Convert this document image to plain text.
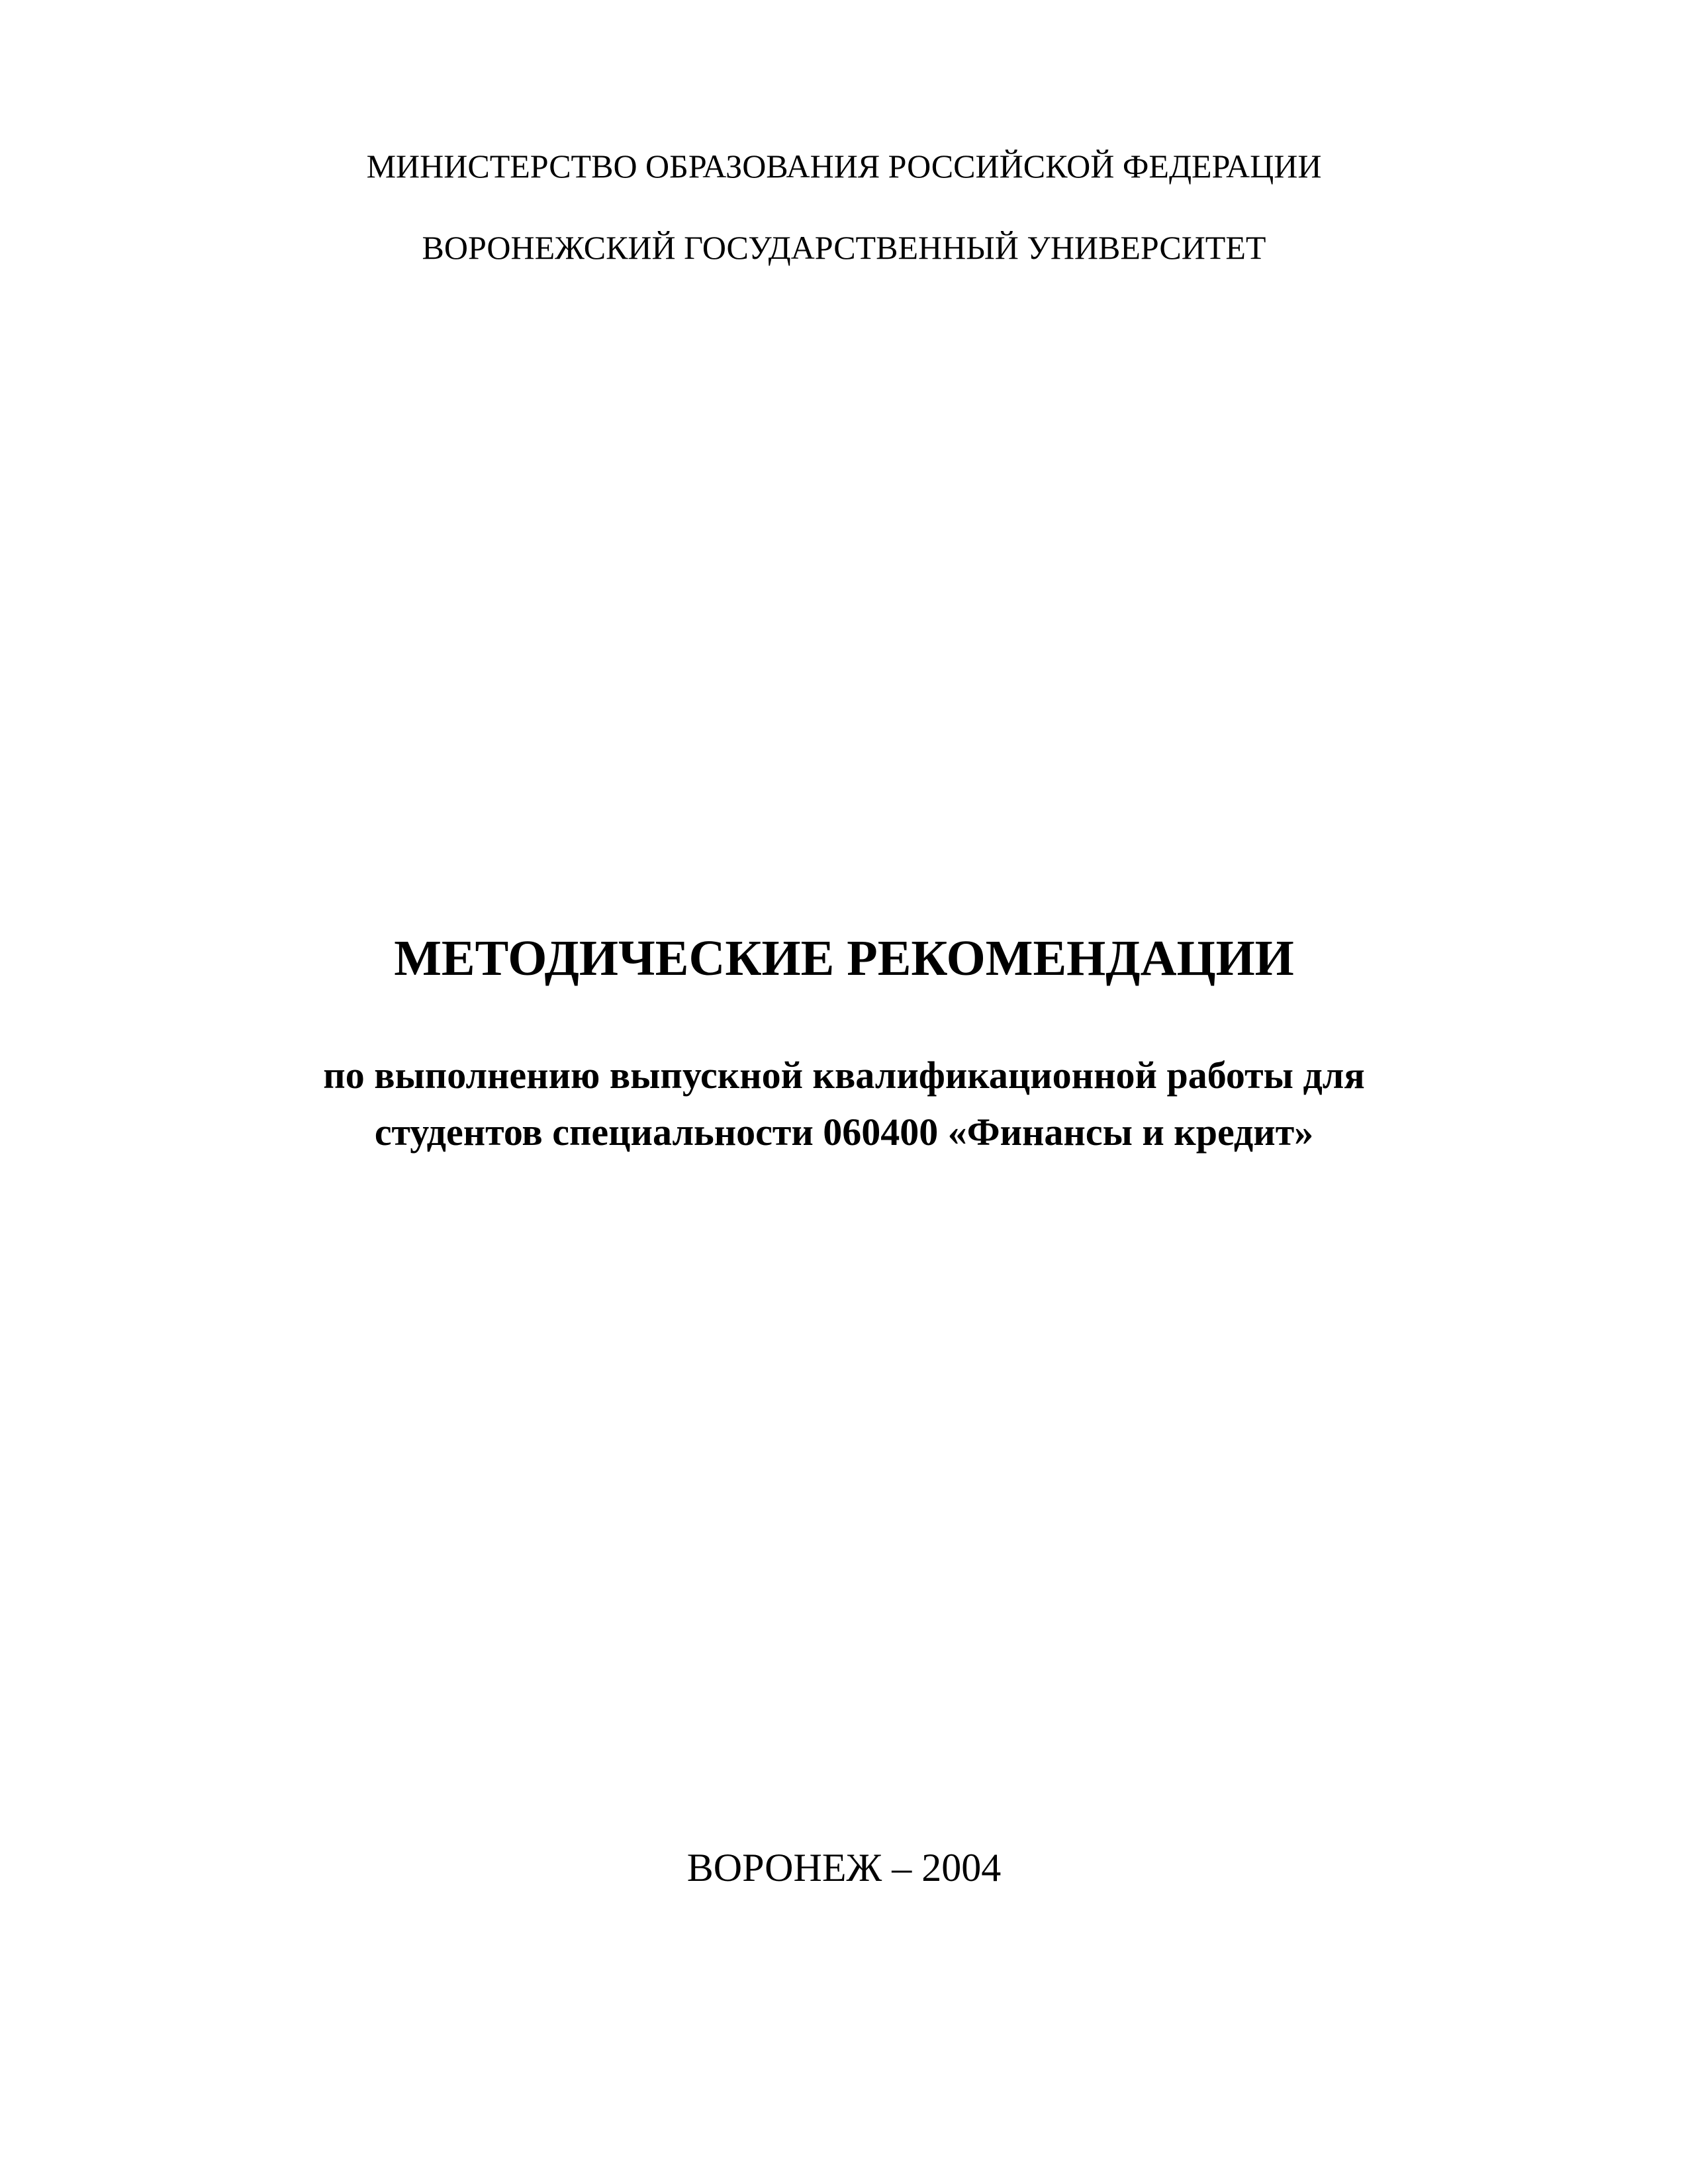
МИНИСТЕРСТВО ОБРАЗОВАНИЯ РОССИЙСКОЙ ФЕДЕРАЦИИ
ВОРОНЕЖСКИЙ ГОСУДАРСТВЕННЫЙ УНИВЕРСИТЕТ
МЕТОДИЧЕСКИЕ РЕКОМЕНДАЦИИ
по выполнению выпускной квалификационной работы для
студентов специальности 060400 «Финансы и кредит»
ВОРОНЕЖ – 2004
